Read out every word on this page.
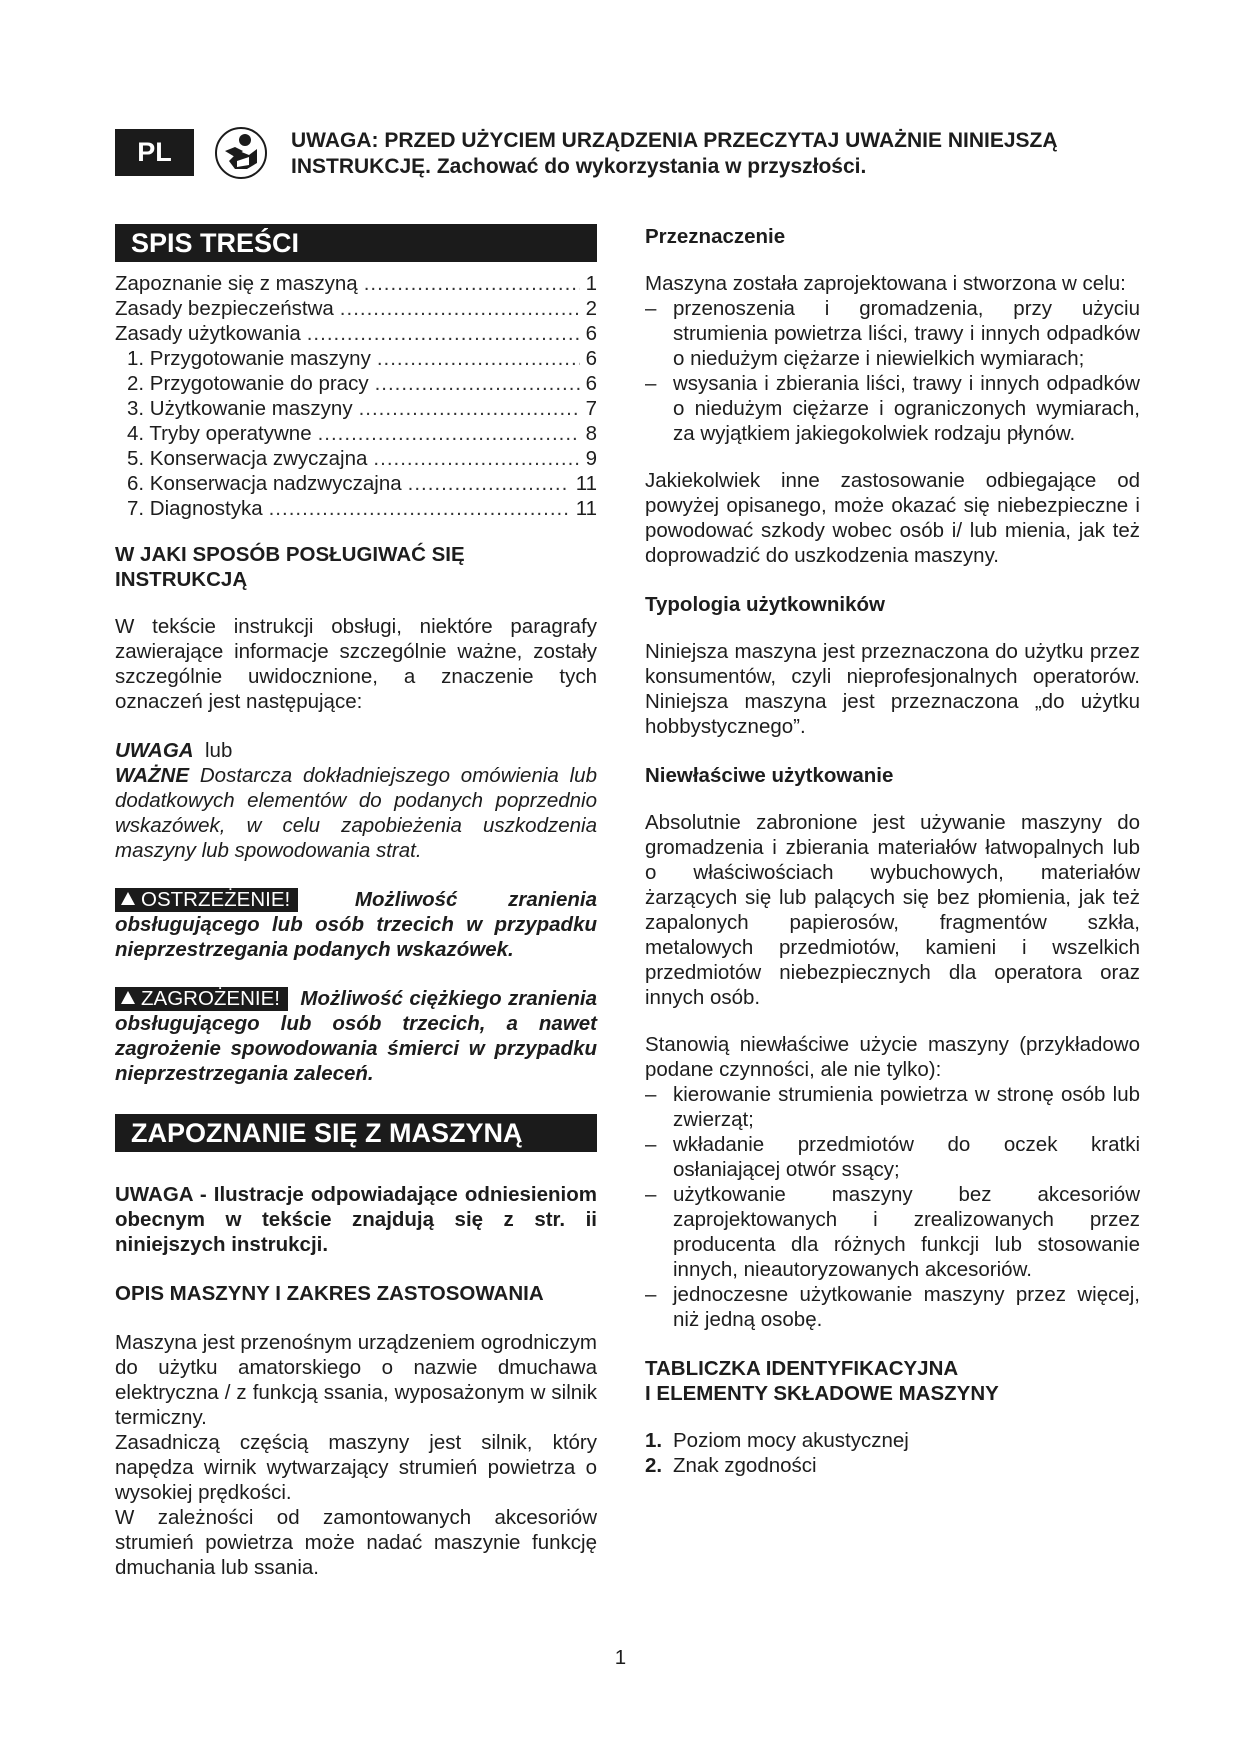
PL	UWAGA: PRZED UŻYCIEM URZĄDZENIA PRZECZYTAJ UWAŻNIE NINIEJSZĄ
INSTRUKCJĘ. Zachować do wykorzystania w przyszłości.
SPIS TREŚCI
Zapoznanie się z maszyną .....	1
Zasady bezpieczeństwa .....	2
Zasady użytkowania .....	6
1. Przygotowanie maszyny .....	6
2. Przygotowanie do pracy .....	6
3. Użytkowanie maszyny .....	7
4. Tryby operatywne .....	8
5. Konserwacja zwyczajna .....	9
6. Konserwacja nadzwyczajna .....	11
7. Diagnostyka .....	11
W JAKI SPOSÓB POSŁUGIWAĆ SIĘ INSTRUKCJĄ

W tekście instrukcji obsługi, niektóre paragrafy zawierające informacje szczególnie ważne, zostały szczególnie uwidocznione, a znaczenie tych oznaczeń jest następujące:

UWAGA lub
WAŻNE Dostarcza dokładniejszego omówienia lub dodatkowych elementów do podanych poprzednio wskazówek, w celu zapobieżenia uszkodzenia maszyny lub spowodowania strat.

OSTRZEŻENIE!	Możliwość zranienia obsługującego lub osób trzecich w przypadku nieprzestrzegania podanych wskazówek.

ZAGROŻENIE! Możliwość ciężkiego zranienia obsługującego lub osób trzecich, a nawet zagrożenie spowodowania śmierci w przypadku nieprzestrzegania zaleceń.

ZAPOZNANIE SIĘ Z MASZYNĄ

UWAGA - Ilustracje odpowiadające odniesieniom obecnym w tekście znajdują się z str. ii niniejszych instrukcji.

OPIS MASZYNY I ZAKRES ZASTOSOWANIA

Maszyna jest przenośnym urządzeniem ogrodniczym do użytku amatorskiego o nazwie dmuchawa elektryczna / z funkcją ssania, wyposażonym w silnik termiczny.

Zasadniczą częścią maszyny jest silnik, który napędza wirnik wytwarzający strumień powietrza o wysokiej prędkości.

W zależności od zamontowanych akcesoriów strumień powietrza może nadać maszynie funkcję dmuchania lub ssania.

Przeznaczenie

Maszyna została zaprojektowana i stworzona w celu:

– przenoszenia i gromadzenia, przy użyciu strumienia powietrza liści, trawy i innych odpadków o niedużym ciężarze i niewielkich wymiarach;
– wsysania i zbierania liści, trawy i innych odpadków o niedużym ciężarze i ograniczonych wymiarach, za wyjątkiem jakiegokolwiek rodzaju płynów.

Jakiekolwiek inne zastosowanie odbiegające od powyżej opisanego, może okazać się niebezpieczne i powodować szkody wobec osób i/ lub mienia, jak też doprowadzić do uszkodzenia maszyny.

Typologia użytkowników

Niniejsza maszyna jest przeznaczona do użytku przez konsumentów, czyli nieprofesjonalnych operatorów. Niniejsza maszyna jest przeznaczona „do użytku hobbystycznego”.

Niewłaściwe użytkowanie

Absolutnie zabronione jest używanie maszyny do gromadzenia i zbierania materiałów łatwopalnych lub o właściwościach wybuchowych, materiałów żarzących się lub palących się bez płomienia, jak też zapalonych papierosów, fragmentów szkła, metalowych przedmiotów, kamieni i wszelkich przedmiotów niebezpiecznych dla operatora oraz innych osób.

Stanowią niewłaściwe użycie maszyny (przykładowo podane czynności, ale nie tylko):

– kierowanie strumienia powietrza w stronę osób lub zwierząt;
– wkładanie przedmiotów do oczek kratki osłaniającej otwór ssący;
– użytkowanie maszyny bez akcesoriów zaprojektowanych i zrealizowanych przez producenta dla różnych funkcji lub stosowanie innych, nieautoryzowanych akcesoriów.
– jednoczesne użytkowanie maszyny przez więcej, niż jedną osobę.
TABLICZKA IDENTYFIKACYJNA
I ELEMENTY SKŁADOWE MASZYNY
1. Poziom mocy akustycznej
2. Znak zgodności
1
